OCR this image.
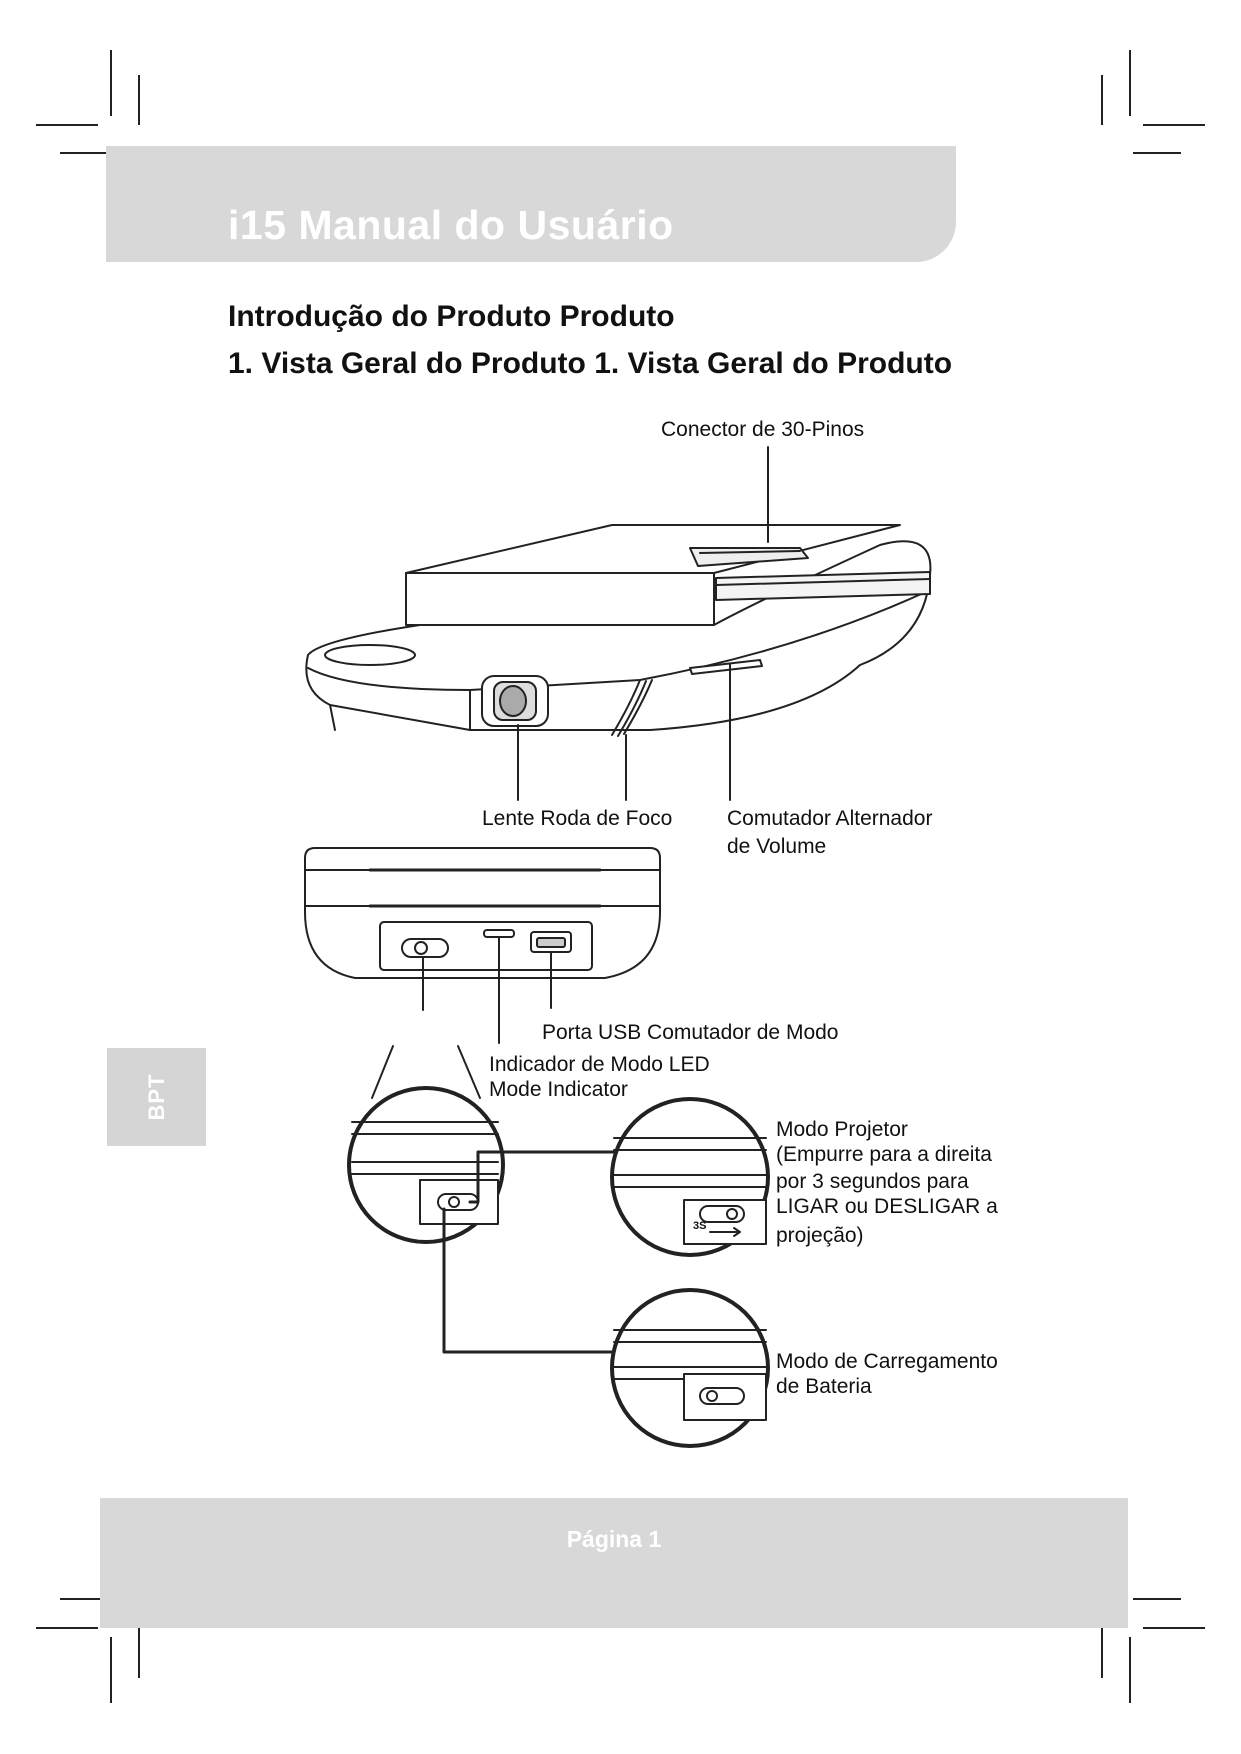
i15 Manual do Usuário
Introdução do Produto Produto
1. Vista Geral do Produto 1. Vista Geral do Produto
BPT
Conector de 30-Pinos
Lente Roda de Foco	Comutador Alternador
de Volume
Porta USB Comutador de Modo
Indicador de Modo LED
Mode Indicator
Modo Projetor
(Empurre para a direita
por 3 segundos para
LIGAR ou DESLIGAR a
projeção)
Modo de Carregamento
de Bateria
3S
Página 1
